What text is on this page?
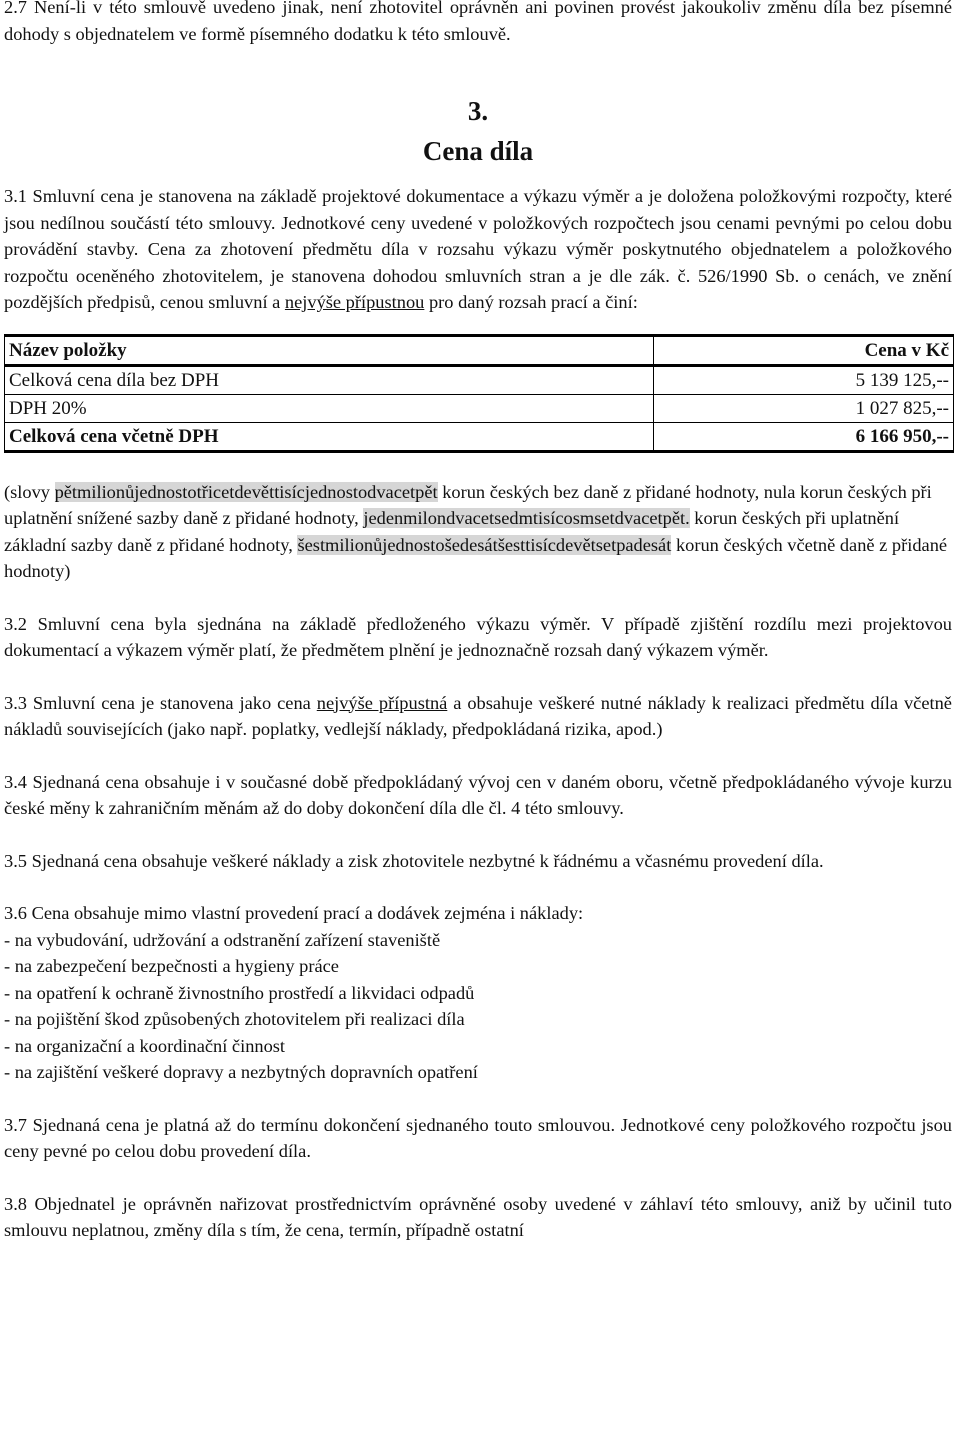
2.7 Není-li v této smlouvě uvedeno jinak, není zhotovitel oprávněn ani povinen provést jakoukoliv změnu díla bez písemné dohody s objednatelem ve formě písemného dodatku k této smlouvě.

3.
Cena díla

3.1 Smluvní cena je stanovena na základě projektové dokumentace a výkazu výměr a je doložena položkovými rozpočty, které jsou nedílnou součástí této smlouvy. Jednotkové ceny uvedené v položkových rozpočtech jsou cenami pevnými po celou dobu provádění stavby. Cena za zhotovení předmětu díla v rozsahu výkazu výměr poskytnutého objednatelem a položkového rozpočtu oceněného zhotovitelem, je stanovena dohodou smluvních stran a je dle zák. č. 526/1990 Sb. o cenách, ve znění pozdějších předpisů, cenou smluvní a nejvýše přípustnou pro daný rozsah prací a činí:

Název položky	Cena v Kč
Celková cena díla bez DPH	5 139 125,--
DPH 20%	1 027 825,--
Celková cena včetně DPH	6 166 950,--

(slovy pětmilionůjednostotřicetdevěttisícjednostodvacetpět korun českých bez daně z přidané hodnoty, nula korun českých při uplatnění snížené sazby daně z přidané hodnoty, jedenmilondvacetsedmtisícosmsetdvacetpět. korun českých při uplatnění základní sazby daně z přidané hodnoty, šestmilionůjednostošedesátšesttisícdevětsetpadesát korun českých včetně daně z přidané hodnoty)

3.2 Smluvní cena byla sjednána na základě předloženého výkazu výměr. V případě zjištění rozdílu mezi projektovou dokumentací a výkazem výměr platí, že předmětem plnění je jednoznačně rozsah daný výkazem výměr.

3.3 Smluvní cena je stanovena jako cena nejvýše přípustná a obsahuje veškeré nutné náklady k realizaci předmětu díla včetně nákladů souvisejících (jako např. poplatky, vedlejší náklady, předpokládaná rizika, apod.)

3.4 Sjednaná cena obsahuje i v současné době předpokládaný vývoj cen v daném oboru, včetně předpokládaného vývoje kurzu české měny k zahraničním měnám až do doby dokončení díla dle čl. 4 této smlouvy.

3.5 Sjednaná cena obsahuje veškeré náklady a zisk zhotovitele nezbytné k řádnému a včasnému provedení díla.

3.6 Cena obsahuje mimo vlastní provedení prací a dodávek zejména i náklady:

- na vybudování, udržování a odstranění zařízení staveniště

- na zabezpečení bezpečnosti a hygieny práce

- na opatření k ochraně živnostního prostředí a likvidaci odpadů

- na pojištění škod způsobených zhotovitelem při realizaci díla

- na organizační a koordinační činnost

- na zajištění veškeré dopravy a nezbytných dopravních opatření

3.7 Sjednaná cena je platná až do termínu dokončení sjednaného touto smlouvou. Jednotkové ceny položkového rozpočtu jsou ceny pevné po celou dobu provedení díla.

3.8 Objednatel je oprávněn nařizovat prostřednictvím oprávněné osoby uvedené v záhlaví této smlouvy, aniž by učinil tuto smlouvu neplatnou, změny díla s tím, že cena, termín, případně ostatní
